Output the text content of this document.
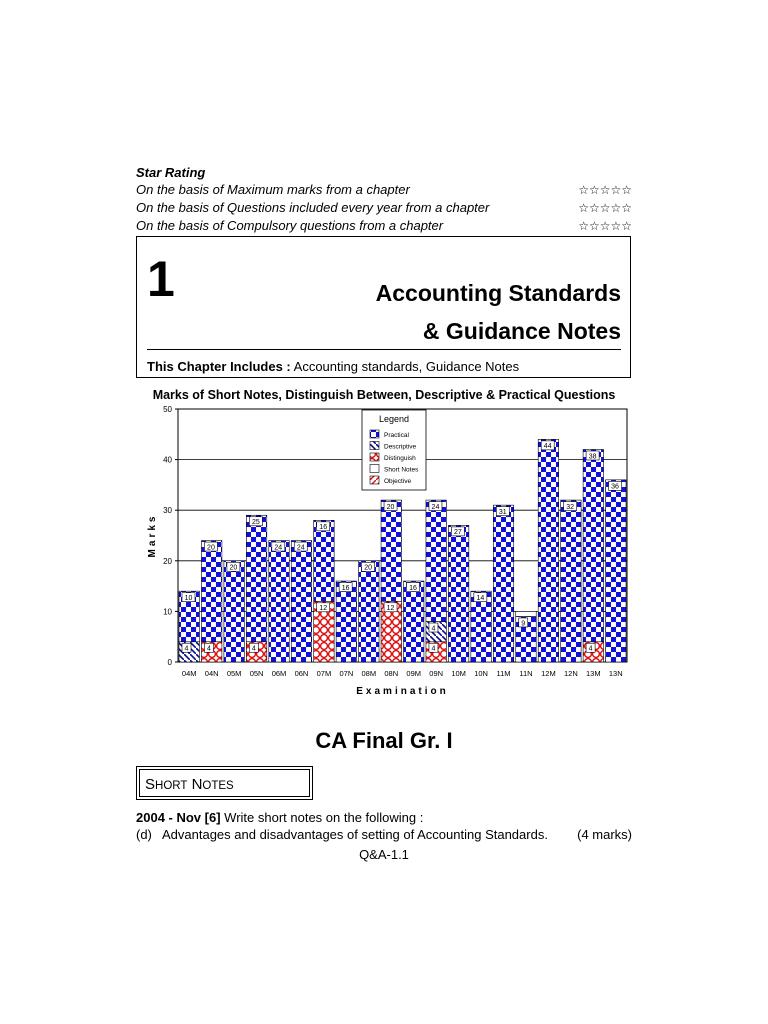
Star Rating
On the basis of Maximum marks from a chapter	☆☆☆☆☆
On the basis of Questions included every year from a chapter	☆☆☆☆☆
On the basis of Compulsory questions from a chapter	☆☆☆☆☆
1	Accounting Standards
& Guidance Notes
This Chapter Includes : Accounting standards, Guidance Notes
Marks of Short Notes, Distinguish Between, Descriptive & Practical Questions
4
10
4
20
20
4
25
24 24
12
16
16
20
12
20
16
4
4
24
27
14
31
9
44
32
4
38
36
0
10
20
30
40
50
04M 04N 05M 05N 06M 06N 07M 07N 08M 08N 09M 09N 10M 10N 11M 11N 12M 12N 13M 13N
Examination
Marks
Legend
Practical
Descriptive
Distinguish
Short Notes
Objective
CA Final Gr. I
SHORT NOTES
2004 - Nov [6] Write short notes on the following :
(d) Advantages and disadvantages of setting of Accounting Standards.	(4 marks)
Q&A-1.1
